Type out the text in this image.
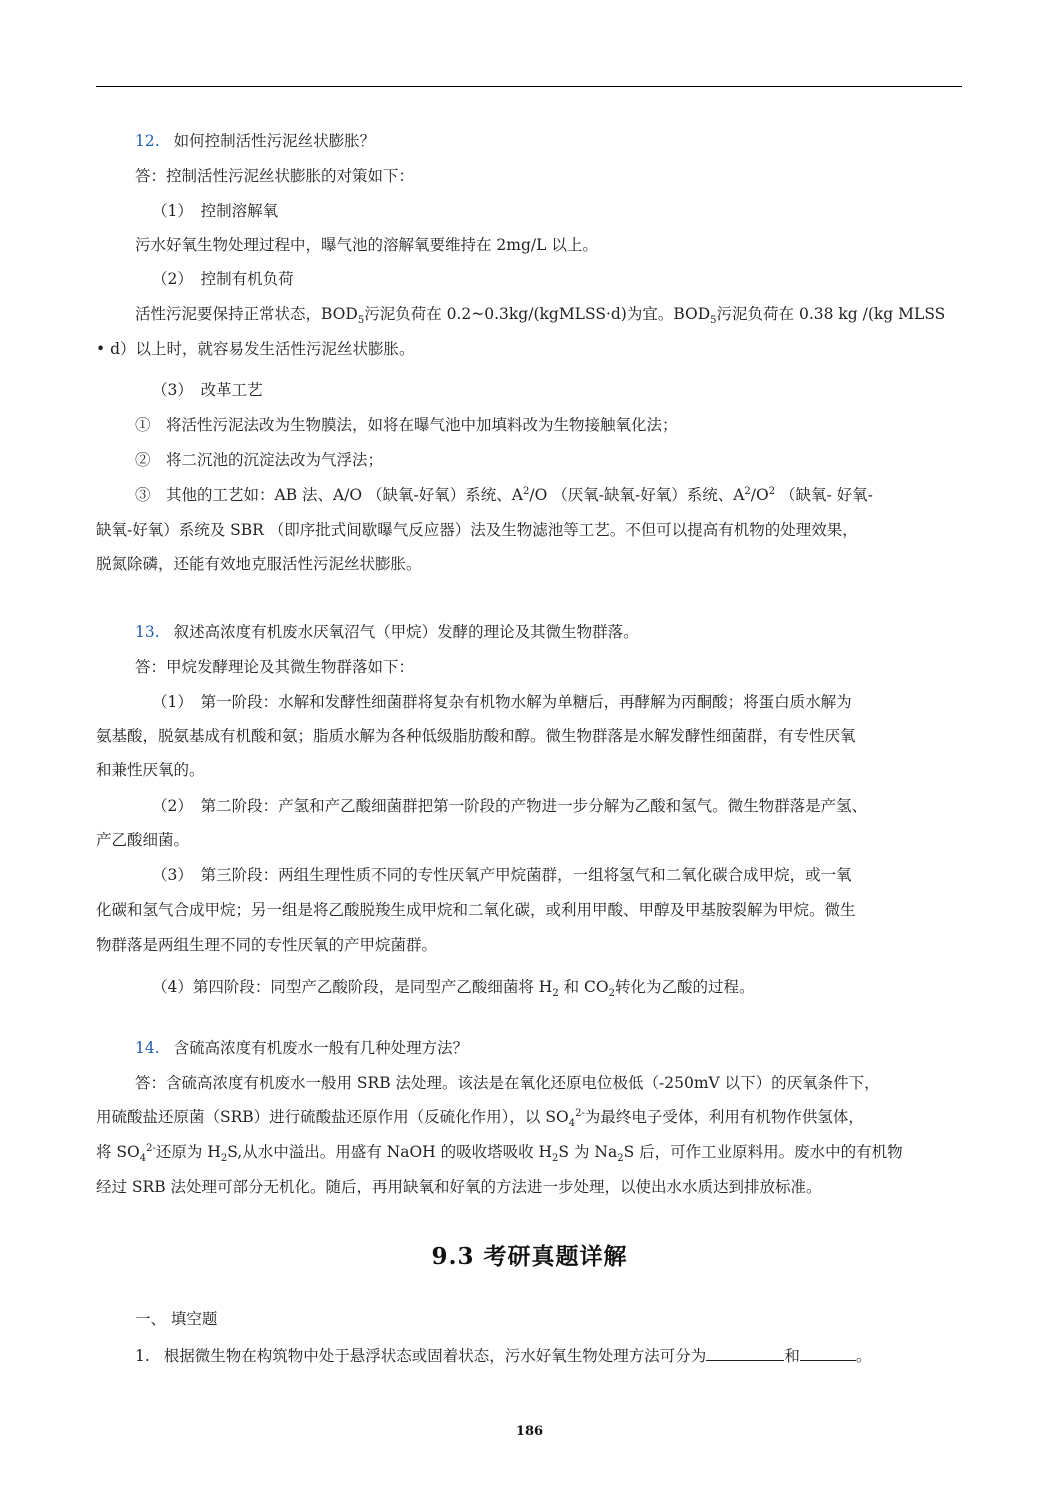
12. 如何控制活性污泥丝状膨胀？
答：控制活性污泥丝状膨胀的对策如下：
（1）　控制溶解氧
污水好氧生物处理过程中，曝气池的溶解氧要维持在 2mg/L 以上。
（2）　控制有机负荷
活性污泥要保持正常状态，$BOD_5$污泥负荷在 0.2~0.3kg/(kgMLSS·d)为宜。$BOD_5$污泥负荷在 0.38 kg /(kg MLSS
• d）以上时，就容易发生活性污泥丝状膨胀。
（3）　改革工艺
①　将活性污泥法改为生物膜法，如将在曝气池中加填料改为生物接触氧化法；
②　将二沉池的沉淀法改为气浮法；
③　其他的工艺如：AB 法、A/O （缺氧-好氧）系统、$A^2/O$ （厌氧-缺氧-好氧）系统、$A^2/O^2$ （缺氧- 好氧-
缺氧-好氧）系统及 SBR （即序批式间歇曝气反应器）法及生物滤池等工艺。不但可以提高有机物的处理效果，
脱氮除磷，还能有效地克服活性污泥丝状膨胀。
13. 叙述高浓度有机废水厌氧沼气（甲烷）发酵的理论及其微生物群落。
答：甲烷发酵理论及其微生物群落如下：
（1）　第一阶段：水解和发酵性细菌群将复杂有机物水解为单糖后，再酵解为丙酮酸；将蛋白质水解为
氨基酸，脱氨基成有机酸和氨；脂质水解为各种低级脂肪酸和醇。微生物群落是水解发酵性细菌群，有专性厌氧
和兼性厌氧的。
（2）　第二阶段：产氢和产乙酸细菌群把第一阶段的产物进一步分解为乙酸和氢气。微生物群落是产氢、
产乙酸细菌。
（3）　第三阶段：两组生理性质不同的专性厌氧产甲烷菌群，一组将氢气和二氧化碳合成甲烷，或一氧
化碳和氢气合成甲烷；另一组是将乙酸脱羧生成甲烷和二氧化碳，或利用甲酸、甲醇及甲基胺裂解为甲烷。微生
物群落是两组生理不同的专性厌氧的产甲烷菌群。
（4）第四阶段：同型产乙酸阶段，是同型产乙酸细菌将 $H_2$ 和 $CO_2$转化为乙酸的过程。
14. 含硫高浓度有机废水一般有几种处理方法？
答：含硫高浓度有机废水一般用 SRB 法处理。该法是在氧化还原电位极低（-250mV 以下）的厌氧条件下，
用硫酸盐还原菌（SRB）进行硫酸盐还原作用（反硫化作用），以 $SO_4^{2-}$为最终电子受体，利用有机物作供氢体，
将 $SO_4^{2-}$还原为 $H_2S$,从水中溢出。用盛有 NaOH 的吸收塔吸收 $H_2S$ 为 $Na_2S$ 后，可作工业原料用。废水中的有机物
经过 SRB 法处理可部分无机化。随后，再用缺氧和好氧的方法进一步处理，以使出水水质达到排放标准。
9.3 考研真题详解
一、 填空题
1. 根据微生物在构筑物中处于悬浮状态或固着状态，污水好氧生物处理方法可分为	和	。
186
